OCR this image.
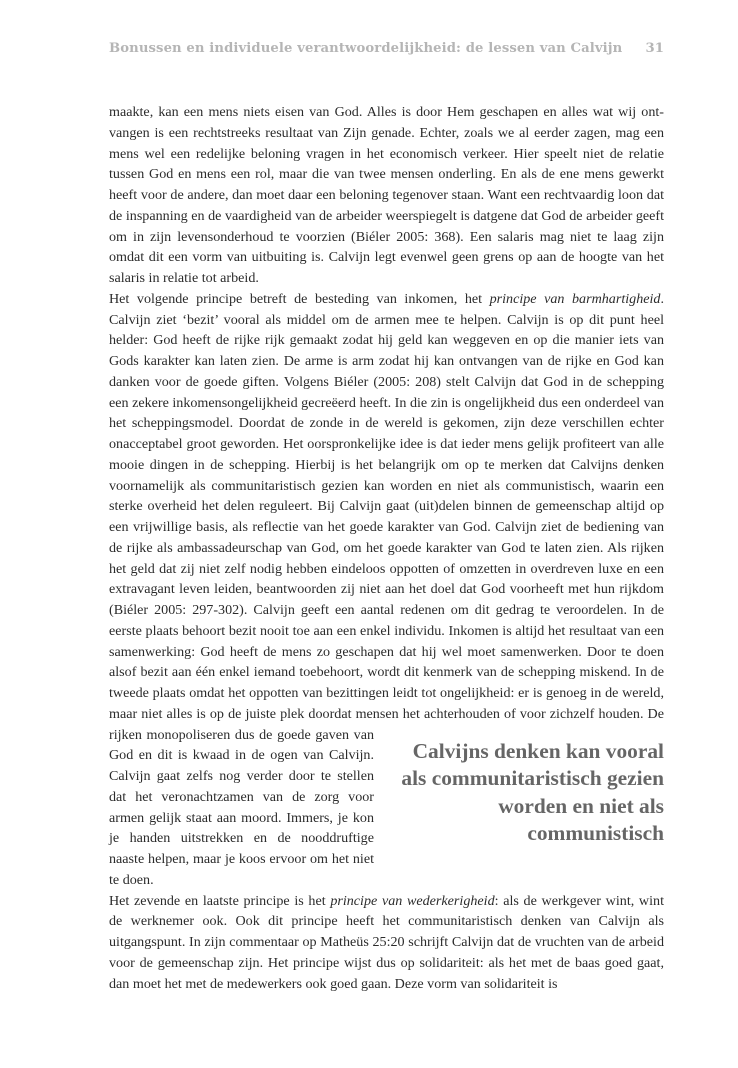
Bonussen en individuele verantwoordelijkheid: de lessen van Calvijn 31

maakte, kan een mens niets eisen van God. Alles is door Hem geschapen en alles wat wij ontvangen is een rechtstreeks resultaat van Zijn genade. Echter, zoals we al eerder zagen, mag een mens wel een redelijke beloning vragen in het economisch verkeer. Hier speelt niet de relatie tussen God en mens een rol, maar die van twee mensen onderling. En als de ene mens gewerkt heeft voor de andere, dan moet daar een beloning tegenover staan. Want een rechtvaardig loon dat de inspanning en de vaardigheid van de arbeider weerspiegelt is datgene dat God de arbeider geeft om in zijn levensonderhoud te voorzien (Biéler 2005: 368). Een salaris mag niet te laag zijn omdat dit een vorm van uitbuiting is. Calvijn legt evenwel geen grens op aan de hoogte van het salaris in relatie tot arbeid.

Calvijns denken kan vooral als communitaristisch gezien worden en niet als communistisch
Het volgende principe betreft de besteding van inkomen, het principe van barmhartigheid. Calvijn ziet ‘bezit’ vooral als middel om de armen mee te helpen. Calvijn is op dit punt heel helder: God heeft de rijke rijk gemaakt zodat hij geld kan weggeven en op die manier iets van Gods karakter kan laten zien. De arme is arm zodat hij kan ontvangen van de rijke en God kan danken voor de goede giften. Volgens Biéler (2005: 208) stelt Calvijn dat God in de schepping een zekere inkomensongelijkheid gecreëerd heeft. In die zin is ongelijkheid dus een onderdeel van het scheppingsmodel. Doordat de zonde in de wereld is gekomen, zijn deze verschillen echter onacceptabel groot geworden. Het oorspronkelijke idee is dat ieder mens gelijk profiteert van alle mooie dingen in de schepping. Hierbij is het belangrijk om op te merken dat Calvijns denken voornamelijk als communitaristisch gezien kan worden en niet als communistisch, waarin een sterke overheid het delen reguleert. Bij Calvijn gaat (uit)delen binnen de gemeenschap altijd op een vrijwillige basis, als reflectie van het goede karakter van God. Calvijn ziet de bediening van de rijke als ambassadeurschap van God, om het goede karakter van God te laten zien. Als rijken het geld dat zij niet zelf nodig hebben eindeloos oppotten of omzetten in overdreven luxe en een extravagant leven leiden, beantwoorden zij niet aan het doel dat God voorheeft met hun rijkdom (Biéler 2005: 297-302). Calvijn geeft een aantal redenen om dit gedrag te veroordelen. In de eerste plaats behoort bezit nooit toe aan een enkel individu. Inkomen is altijd het resultaat van een samenwerking: God heeft de mens zo geschapen dat hij wel moet samenwerken. Door te doen alsof bezit aan één enkel iemand toebehoort, wordt dit kenmerk van de schepping miskend. In de tweede plaats omdat het oppotten van bezittingen leidt tot ongelijkheid: er is genoeg in de wereld, maar niet alles is op de juiste plek doordat mensen het achterhouden of voor zichzelf houden. De rijken monopoliseren dus de goede gaven van God en dit is kwaad in de ogen van Calvijn. Calvijn gaat zelfs nog verder door te stellen dat het veronachtzamen van de zorg voor armen gelijk staat aan moord. Immers, je kon je handen uitstrekken en de nooddruftige naaste helpen, maar je koos ervoor om het niet te doen.

Het zevende en laatste principe is het principe van wederkerigheid: als de werkgever wint, wint de werknemer ook. Ook dit principe heeft het communitaristisch denken van Calvijn als uitgangspunt. In zijn commentaar op Matheüs 25:20 schrijft Calvijn dat de vruchten van de arbeid voor de gemeenschap zijn. Het principe wijst dus op solidariteit: als het met de baas goed gaat, dan moet het met de medewerkers ook goed gaan. Deze vorm van solidariteit is
